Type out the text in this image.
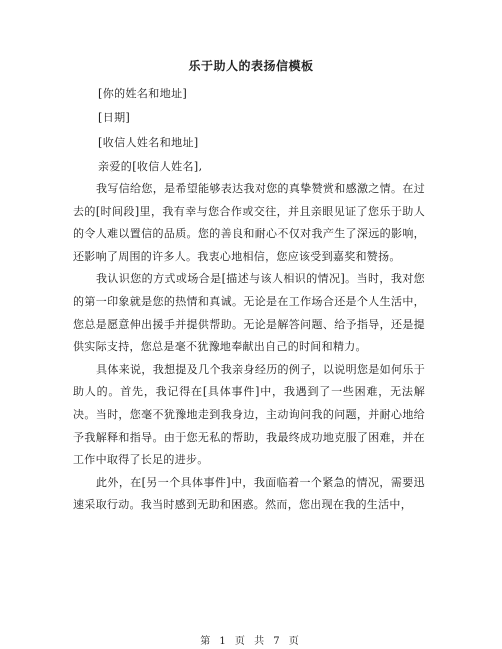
乐于助人的表扬信模板
[你的姓名和地址]
[日期]
[收信人姓名和地址]
亲爱的[收信人姓名],

我写信给您，是希望能够表达我对您的真挚赞赏和感激之情。在过去的[时间段]里，我有幸与您合作或交往，并且亲眼见证了您乐于助人的令人难以置信的品质。您的善良和耐心不仅对我产生了深远的影响，还影响了周围的许多人。我衷心地相信，您应该受到嘉奖和赞扬。

我认识您的方式或场合是[描述与该人相识的情况]。当时，我对您的第一印象就是您的热情和真诚。无论是在工作场合还是个人生活中，您总是愿意伸出援手并提供帮助。无论是解答问题、给予指导，还是提供实际支持，您总是毫不犹豫地奉献出自己的时间和精力。

具体来说，我想提及几个我亲身经历的例子，以说明您是如何乐于助人的。首先，我记得在[具体事件]中，我遇到了一些困难，无法解决。当时，您毫不犹豫地走到我身边，主动询问我的问题，并耐心地给予我解释和指导。由于您无私的帮助，我最终成功地克服了困难，并在工作中取得了长足的进步。

此外，在[另一个具体事件]中，我面临着一个紧急的情况，需要迅速采取行动。我当时感到无助和困惑。然而，您出现在我的生活中，

第 1 页 共 7 页
